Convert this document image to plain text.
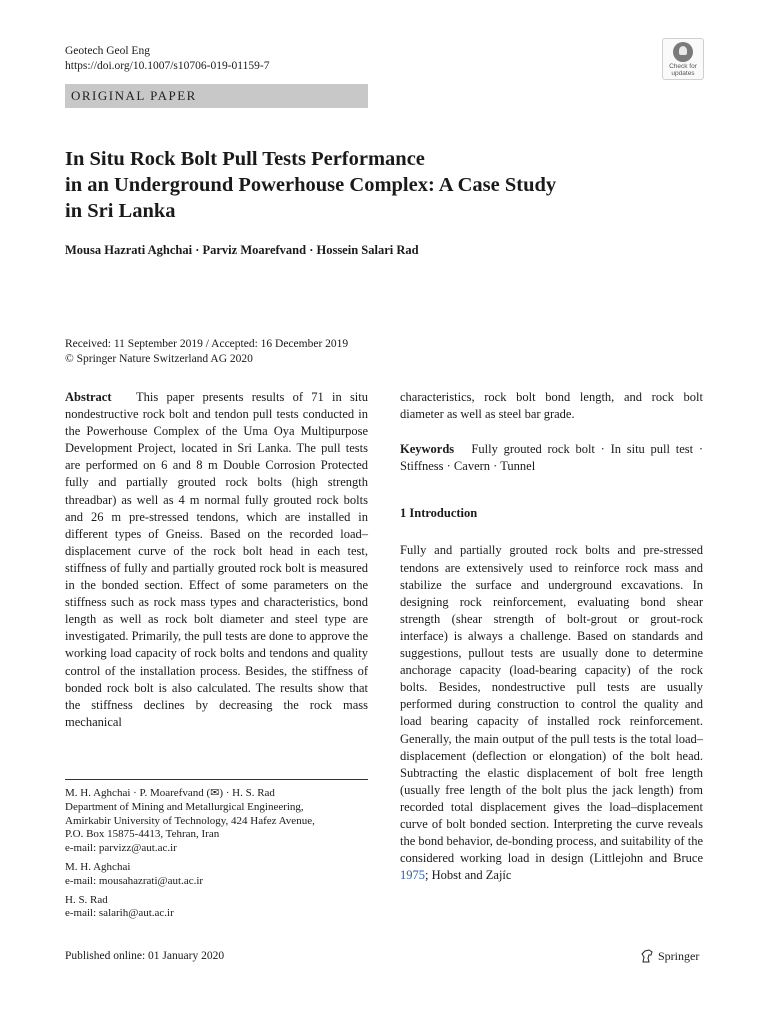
Geotech Geol Eng
https://doi.org/10.1007/s10706-019-01159-7	Check for
updates
ORIGINAL PAPER
In Situ Rock Bolt Pull Tests Performance
in an Underground Powerhouse Complex: A Case Study
in Sri Lanka
Mousa Hazrati Aghchai · Parviz Moarefvand · Hossein Salari Rad
Received: 11 September 2019 / Accepted: 16 December 2019
© Springer Nature Switzerland AG 2020
Abstract This paper presents results of 71 in situ nondestructive rock bolt and tendon pull tests conducted in the Powerhouse Complex of the Uma Oya Multipurpose Development Project, located in Sri Lanka. The pull tests are performed on 6 and 8 m Double Corrosion Protected fully and partially grouted rock bolts (high strength threadbar) as well as 4 m normal fully grouted rock bolts and 26 m pre-stressed tendons, which are installed in different types of Gneiss. Based on the recorded load–displacement curve of the rock bolt head in each test, stiffness of fully and partially grouted rock bolt is measured in the bonded section. Effect of some parameters on the stiffness such as rock mass types and characteristics, bond length as well as rock bolt diameter and steel type are investigated. Primarily, the pull tests are done to approve the working load capacity of rock bolts and tendons and quality control of the installation process. Besides, the stiffness of bonded rock bolt is also calculated. The results show that the stiffness declines by decreasing the rock mass mechanical

M. H. Aghchai · P. Moarefvand (✉) · H. S. Rad
Department of Mining and Metallurgical Engineering,
Amirkabir University of Technology, 424 Hafez Avenue,
P.O. Box 15875-4413, Tehran, Iran
e-mail: parvizz@aut.ac.ir

M. H. Aghchai
e-mail: mousahazrati@aut.ac.ir

H. S. Rad
e-mail: salarih@aut.ac.ir

characteristics, rock bolt bond length, and rock bolt diameter as well as steel bar grade.
Keywords Fully grouted rock bolt · In situ pull test · Stiffness · Cavern · Tunnel
1 Introduction
Fully and partially grouted rock bolts and pre-stressed tendons are extensively used to reinforce rock mass and stabilize the surface and underground excavations. In designing rock reinforcement, evaluating bond shear strength (shear strength of bolt-grout or grout-rock interface) is always a challenge. Based on standards and suggestions, pullout tests are usually done to determine anchorage capacity (load-bearing capacity) of the rock bolts. Besides, nondestructive pull tests are usually performed during construction to control the quality and load bearing capacity of installed rock reinforcement. Generally, the main output of the pull tests is the total load–displacement (deflection or elongation) of the bolt head. Subtracting the elastic displacement of bolt free length (usually free length of the bolt plus the jack length) from recorded total displacement gives the load–displacement curve of bolt bonded section. Interpreting the curve reveals the bond behavior, de-bonding process, and suitability of the considered working load in design (Littlejohn and Bruce 1975; Hobst and Zajíc
Published online: 01 January 2020	Springer
